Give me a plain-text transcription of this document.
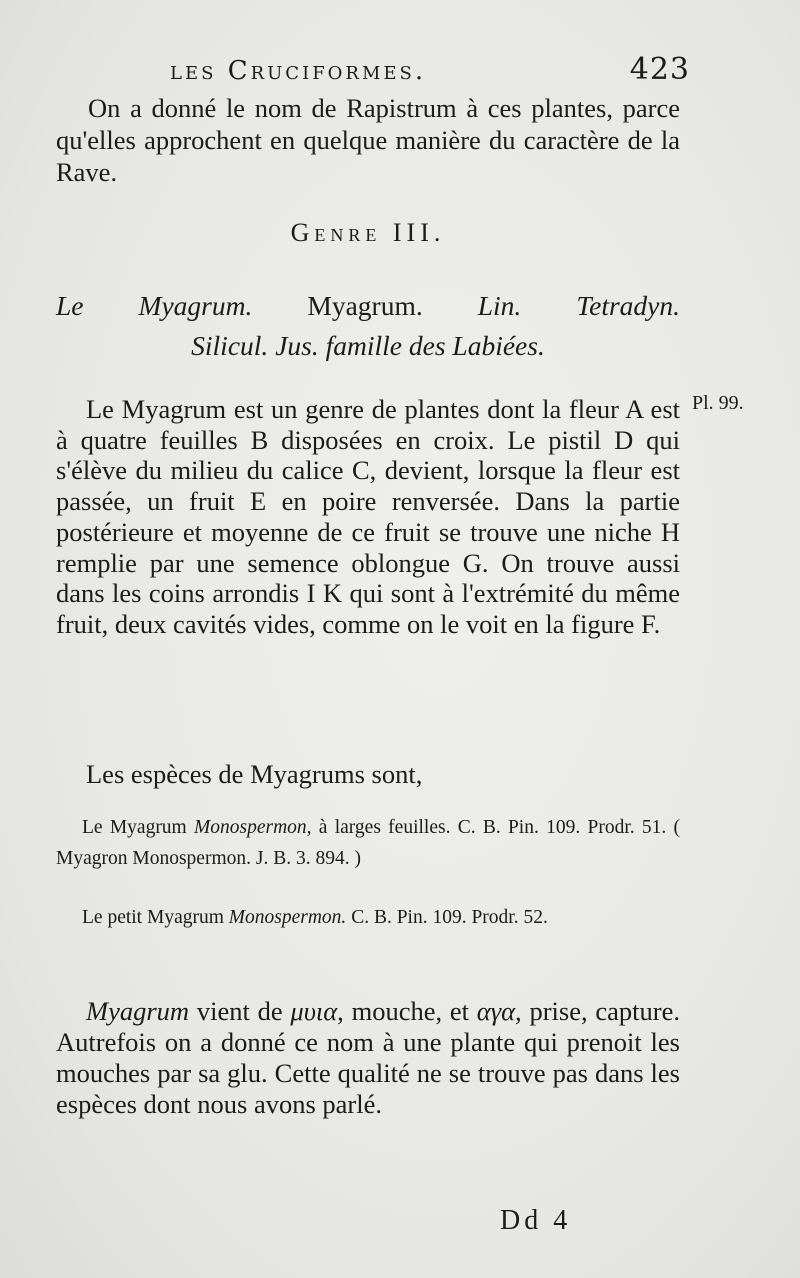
les Cruciformes.	423
On a donné le nom de Rapistrum à ces plantes, parce qu'elles approchent en quelque manière du caractère de la Rave.
Genre III.
Le Myagrum. Myagrum. Lin. Tetradyn.
Silicul. Jus. famille des Labiées.
Le Myagrum est un genre de plantes dont la fleur A est à quatre feuilles B disposées en croix. Le pistil D qui s'élève du milieu du calice C, devient, lorsque la fleur est passée, un fruit E en poire renversée. Dans la partie postérieure et moyenne de ce fruit se trouve une niche H remplie par une semence oblongue G. On trouve aussi dans les coins arrondis I K qui sont à l'extrémité du même fruit, deux cavités vides, comme on le voit en la figure F.
Pl. 99.
Les espèces de Myagrums sont,
Le Myagrum Monospermon, à larges feuilles. C. B. Pin. 109. Prodr. 51. ( Myagron Monospermon. J. B. 3. 894. )
Le petit Myagrum Monospermon. C. B. Pin. 109. Prodr. 52.
Myagrum vient de μυια, mouche, et αγα, prise, capture. Autrefois on a donné ce nom à une plante qui prenoit les mouches par sa glu. Cette qualité ne se trouve pas dans les espèces dont nous avons parlé.
Dd 4
